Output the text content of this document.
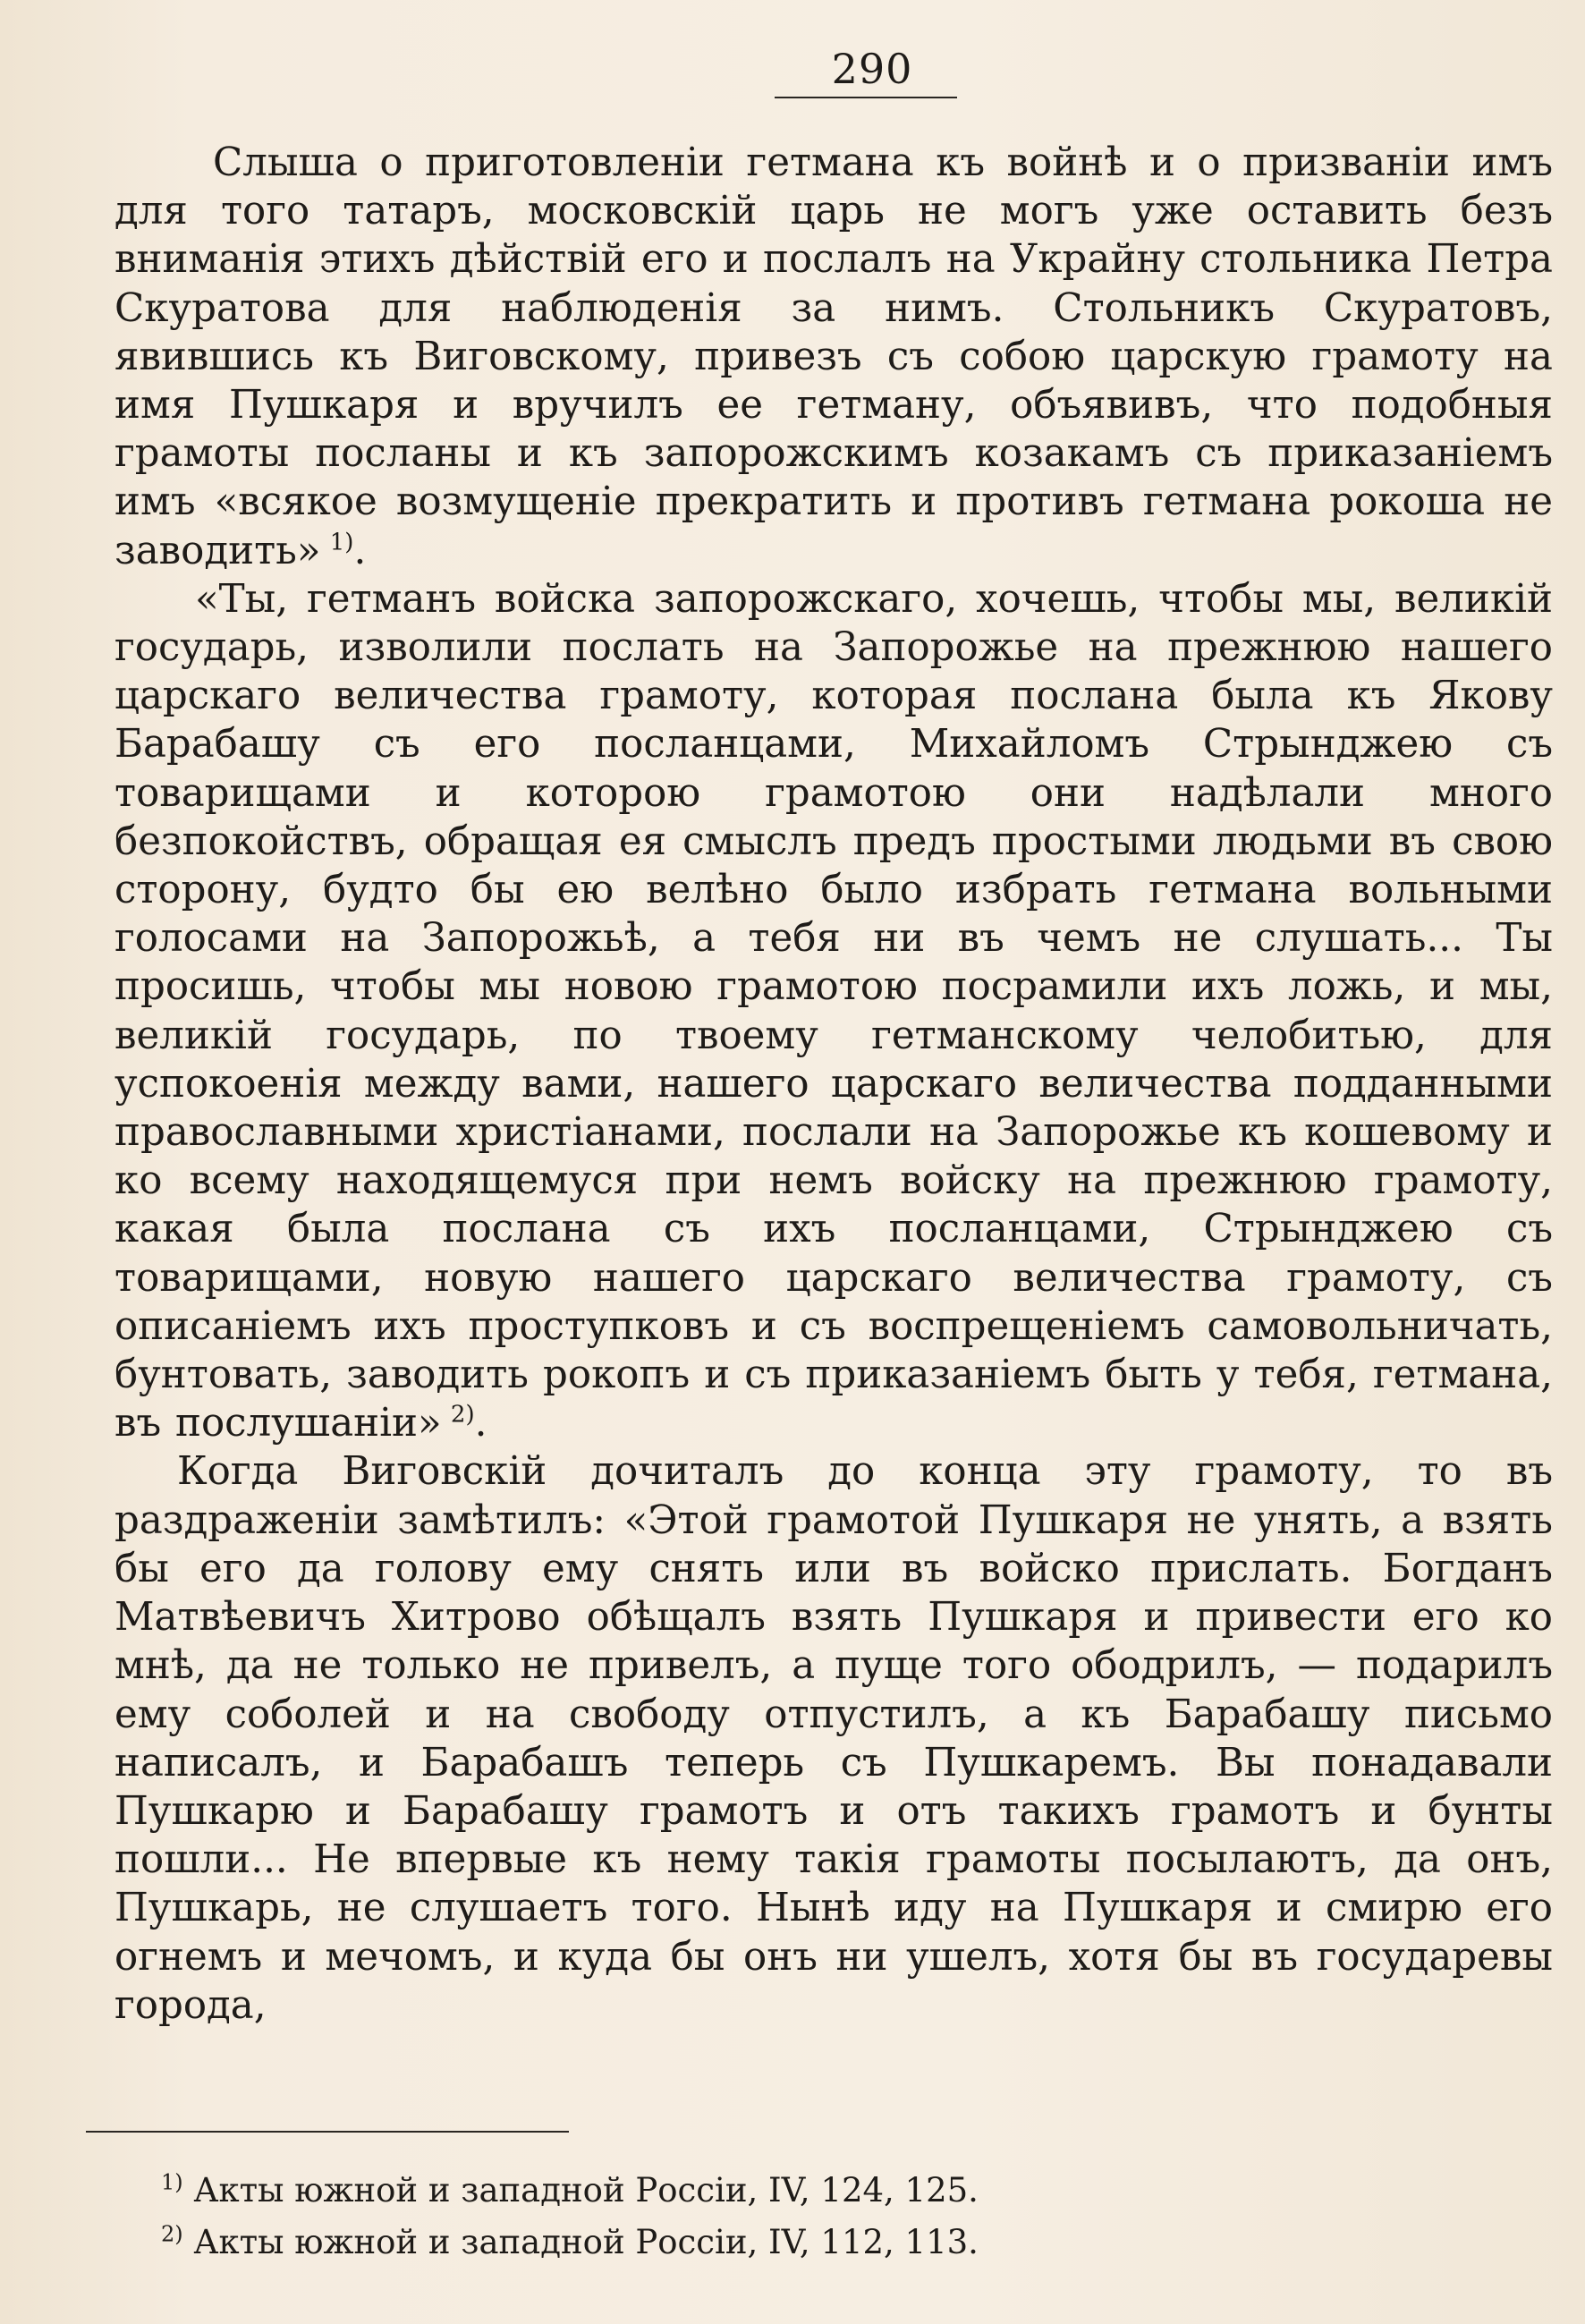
290

Слыша о приготовленіи гетмана къ войнѣ и о призваніи имъ для того татаръ, московскій царь не могъ уже оставить безъ вниманія этихъ дѣйствій его и послалъ на Украйну стольника Петра Скуратова для наблюденія за нимъ. Стольникъ Скуратовъ, явившись къ Виговскому, привезъ съ собою царскую грамоту на имя Пушкаря и вручилъ ее гетману, объявивъ, что подобныя грамоты посланы и къ запорожскимъ козакамъ съ приказаніемъ имъ «всякое возмущеніе прекратить и противъ гетмана рокоша не заводить» $^{1)}$.

«Ты, гетманъ войска запорожскаго, хочешь, чтобы мы, великій государь, изволили послать на Запорожье на прежнюю нашего царскаго величества грамоту, которая послана была къ Якову Барабашу съ его посланцами, Михайломъ Стрынджею съ товарищами и которою грамотою они надѣлали много безпокойствъ, обращая ея смыслъ предъ простыми людьми въ свою сторону, будто бы ею велѣно было избрать гетмана вольными голосами на Запорожьѣ, а тебя ни въ чемъ не слушать... Ты просишь, чтобы мы новою грамотою посрамили ихъ ложь, и мы, великій государь, по твоему гетманскому челобитью, для успокоенія между вами, нашего царскаго величества подданными православными христіанами, послали на Запорожье къ кошевому и ко всему находящемуся при немъ войску на прежнюю грамоту, какая была послана съ ихъ посланцами, Стрынджею съ товарищами, новую нашего царскаго величества грамоту, съ описаніемъ ихъ проступковъ и съ воспрещеніемъ самовольничать, бунтовать, заводить рокопъ и съ приказаніемъ быть у тебя, гетмана, въ послушаніи» $^{2)}$.

Когда Виговскій дочиталъ до конца эту грамоту, то въ раздраженіи замѣтилъ: «Этой грамотой Пушкаря не унять, а взять бы его да голову ему снять или въ войско прислать. Богданъ Матвѣевичъ Хитрово обѣщалъ взять Пушкаря и привести его ко мнѣ, да не только не привелъ, а пуще того ободрилъ, — подарилъ ему соболей и на свободу отпустилъ, а къ Барабашу письмо написалъ, и Барабашъ теперь съ Пушкаремъ. Вы понадавали Пушкарю и Барабашу грамотъ и отъ такихъ грамотъ и бунты пошли... Не впервые къ нему такія грамоты посылаютъ, да онъ, Пушкарь, не слушаетъ того. Нынѣ иду на Пушкаря и смирю его огнемъ и мечомъ, и куда бы онъ ни ушелъ, хотя бы въ государевы города,

$^{1)}$ Акты южной и западной Россіи, IV, 124, 125.
$^{2)}$ Акты южной и западной Россіи, IV, 112, 113.
